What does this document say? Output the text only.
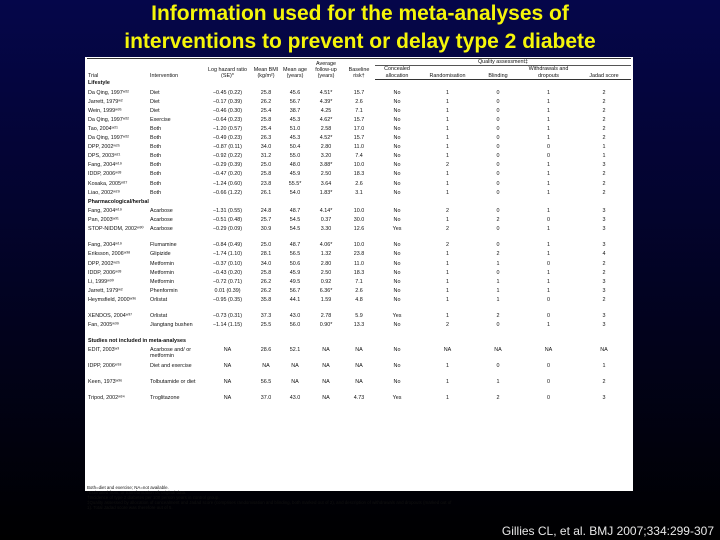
Information used for the meta-analyses of
interventions to prevent or delay type 2 diabete
Trial	Intervention	Log hazard ratio (SE)*	Mean BMI (kg/m²)	Mean age (years)	Average follow-up (years)	Baseline risk†	Quality assessment‡				
							Concealed allocation	Randomisation	Blinding	Withdrawals and dropouts	Jadad score
Lifestyle											
Da Qing, 1997ʷ²²	Diet	−0.45 (0.22)	25.8	45.6	4.51*	15.7	No	1	0	1	2
Jarrett, 1979ʷ²	Diet	−0.17 (0.39)	26.2	56.7	4.39*	2.6	No	1	0	1	2
Wein, 1999ʷ³⁵	Diet	−0.46 (0.30)	25.4	38.7	4.25	7.1	No	1	0	1	2
Da Qing, 1997ʷ²²	Exercise	−0.64 (0.23)	25.8	45.3	4.62*	15.7	No	1	0	1	2
Tao, 2004ʷ²¹	Both	−1.20 (0.57)	25.4	51.0	2.58	17.0	No	1	0	1	2
Da Qing, 1997ʷ²²	Both	−0.49 (0.23)	26.3	45.3	4.52*	15.7	No	1	0	1	2
DPP, 2002ʷ²⁵	Both	−0.87 (0.11)	34.0	50.4	2.80	11.0	No	1	0	0	1
DPS, 2003ʷ²¹	Both	−0.92 (0.22)	31.2	55.0	3.20	7.4	No	1	0	0	1
Fang, 2004ʷ¹⁹	Both	−0.29 (0.39)	25.0	48.0	3.88*	10.0	No	2	0	1	3
IDDP, 2006ʷ³³	Both	−0.47 (0.20)	25.8	45.9	2.50	18.3	No	1	0	1	2
Kosaka, 2005ʷ²⁷	Both	−1.24 (0.60)	23.8	55.5*	3.64	2.6	No	1	0	1	2
Liao, 2002ʷ²⁹	Both	−0.66 (1.22)	26.1	54.0	1.83*	3.1	No	1	0	1	2
Pharmacological/herbal											
Fang, 2004ʷ¹⁹	Acarbose	−1.31 (0.55)	24.8	48.7	4.14*	10.0	No	2	0	1	3
Pan, 2003ʷ³¹	Acarbose	−0.51 (0.48)	25.7	54.5	0.37	30.0	No	1	2	0	3
STOP-NIDDM, 2002ʷ³⁰	Acarbose	−0.29 (0.09)	30.9	54.5	3.30	12.6	Yes	2	0	1	3
Fang, 2004ʷ¹⁹	Flumamine	−0.84 (0.49)	25.0	48.7	4.06*	10.0	No	2	0	1	3
Eriksson, 2006ʷ³⁸	Glipizide	−1.74 (1.10)	28.1	56.5	1.32	23.8	No	1	2	1	4
DPP, 2002ʷ²⁵	Metformin	−0.37 (0.10)	34.0	50.6	2.80	11.0	No	1	1	0	2
IDDP, 2006ʷ³³	Metformin	−0.43 (0.20)	25.8	45.9	2.50	18.3	No	1	0	1	2
Li, 1999ʷ³⁰	Metformin	−0.72 (0.71)	26.2	49.5	0.92	7.1	No	1	1	1	3
Jarrett, 1979ʷ²	Phenformin	0.01 (0.39)	26.2	56.7	6.36*	2.6	No	1	1	1	3
Heymsfield, 2000ʷ³⁶	Orlistat	−0.95 (0.35)	35.8	44.1	1.59	4.8	No	1	1	0	2
XENDOS, 2004ʷ³⁷	Orlistat	−0.73 (0.31)	37.3	43.0	2.78	5.9	Yes	1	2	0	3
Fan, 2005ʷ³⁹	Jiangtang bushen	−1.14 (1.15)	25.5	56.0	0.90*	13.3	No	2	0	1	3
Studies not included in meta-analyses											
EDIT, 2003ʷ³	Acarbose and/ or metformin	NA	28.6	52.1	NA	NA	No	NA	NA	NA	NA
IDPP, 2006ʷ¹⁸	Diet and exercise	NA	NA	NA	NA	NA	No	1	0	0	1
Keen, 1973ʷ³⁶	Tolbutamide or diet	NA	56.5	NA	NA	NA	No	1	1	0	2
Tripod, 2002ʷ³⁴	Troglitazone	NA	37.0	43.0	NA	4.73	Yes	1	2	0	3
Both=diet and exercise; NA=not available.
*Estimated from, or transformation of, original data.
†Incidence of type 2 diabetes per 100 person years in control group.
‡Quality assessed by allocation of concealment and Jadad score (comprises randomisation and blinding, both marked out of 2), and description of withdrawals and dropouts (marked out of
1). Total Jadad score was therefore out of 5.
Gillies CL, et al. BMJ 2007;334:299-307
